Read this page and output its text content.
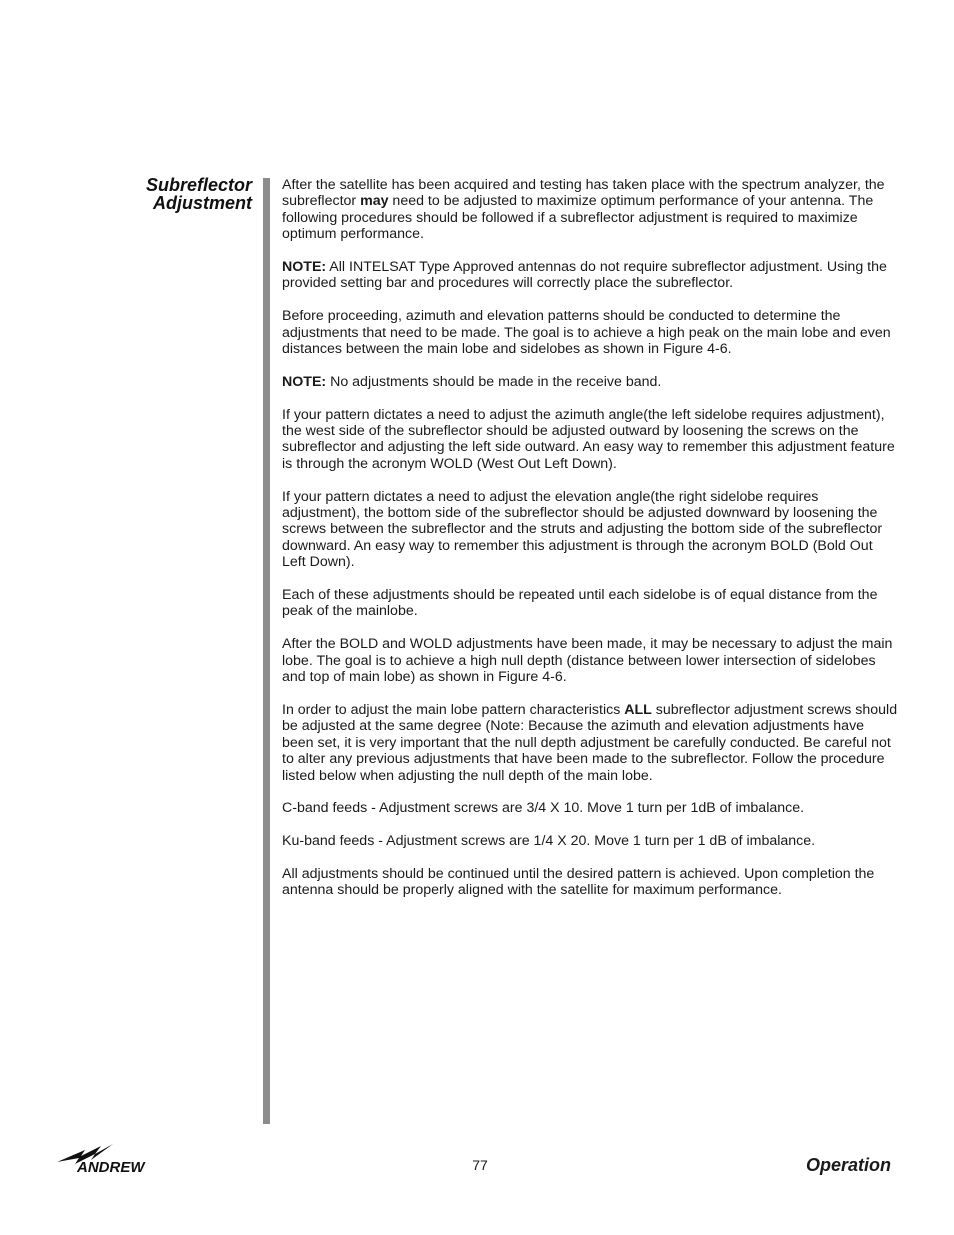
Subreflector
Adjustment

After the satellite has been acquired and testing has taken place with the spectrum analyzer, the subreflector may need to be adjusted to maximize optimum performance of your antenna. The following procedures should be followed if a subreflector adjustment is required to maximize optimum performance.

NOTE: All INTELSAT Type Approved antennas do not require subreflector adjustment. Using the provided setting bar and procedures will correctly place the subreflector.

Before proceeding, azimuth and elevation patterns should be conducted to determine the adjustments that need to be made. The goal is to achieve a high peak on the main lobe and even distances between the main lobe and sidelobes as shown in Figure 4-6.

NOTE: No adjustments should be made in the receive band.

If your pattern dictates a need to adjust the azimuth angle(the left sidelobe requires adjustment), the west side of the subreflector should be adjusted outward by loosening the screws on the subreflector and adjusting the left side outward. An easy way to remember this adjustment feature is through the acronym WOLD (West Out Left Down).

If your pattern dictates a need to adjust the elevation angle(the right sidelobe requires adjustment), the bottom side of the subreflector should be adjusted downward by loosening the screws between the subreflector and the struts and adjusting the bottom side of the subreflector downward. An easy way to remember this adjustment is through the acronym BOLD (Bold Out Left Down).

Each of these adjustments should be repeated until each sidelobe is of equal distance from the peak of the mainlobe.

After the BOLD and WOLD adjustments have been made, it may be necessary to adjust the main lobe. The goal is to achieve a high null depth (distance between lower intersection of sidelobes and top of main lobe) as shown in Figure 4-6.

In order to adjust the main lobe pattern characteristics ALL subreflector adjustment screws should be adjusted at the same degree (Note: Because the azimuth and elevation adjustments have been set, it is very important that the null depth adjustment be carefully conducted. Be careful not to alter any previous adjustments that have been made to the subreflector. Follow the procedure listed below when adjusting the null depth of the main lobe.

C-band feeds - Adjustment screws are 3/4 X 10. Move 1 turn per 1dB of imbalance.

Ku-band feeds - Adjustment screws are 1/4 X 20. Move 1 turn per 1 dB of imbalance.

All adjustments should be continued until the desired pattern is achieved. Upon completion the antenna should be properly aligned with the satellite for maximum performance.

ANDREW	77	Operation
